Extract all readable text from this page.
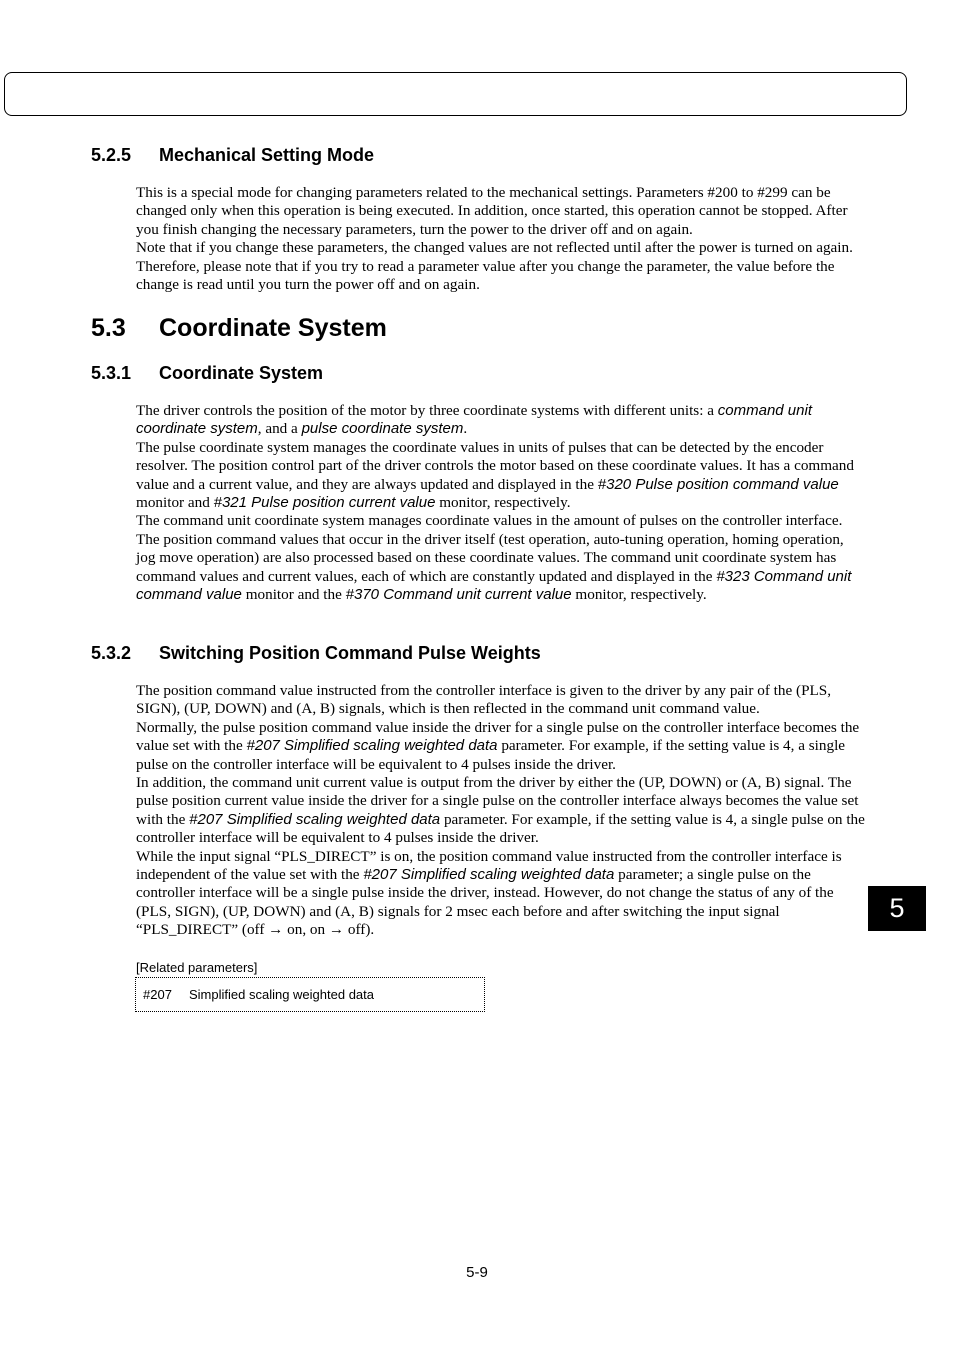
5.2.5 Mechanical Setting Mode

This is a special mode for changing parameters related to the mechanical settings. Parameters #200 to #299 can be changed only when this operation is being executed. In addition, once started, this operation cannot be stopped. After you finish changing the necessary parameters, turn the power to the driver off and on again.

Note that if you change these parameters, the changed values are not reflected until after the power is turned on again. Therefore, please note that if you try to read a parameter value after you change the parameter, the value before the change is read until you turn the power off and on again.

5.3 Coordinate System
5.3.1 Coordinate System

The driver controls the position of the motor by three coordinate systems with different units: a command unit coordinate system, and a pulse coordinate system.

The pulse coordinate system manages the coordinate values in units of pulses that can be detected by the encoder resolver. The position control part of the driver controls the motor based on these coordinate values. It has a command value and a current value, and they are always updated and displayed in the #320 Pulse position command value monitor and #321 Pulse position current value monitor, respectively.

The command unit coordinate system manages coordinate values in the amount of pulses on the controller interface. The position command values that occur in the driver itself (test operation, auto-tuning operation, homing operation, jog move operation) are also processed based on these coordinate values. The command unit coordinate system has command values and current values, each of which are constantly updated and displayed in the #323 Command unit command value monitor and the #370 Command unit current value monitor, respectively.

5.3.2 Switching Position Command Pulse Weights

The position command value instructed from the controller interface is given to the driver by any pair of the (PLS, SIGN), (UP, DOWN) and (A, B) signals, which is then reflected in the command unit command value.

Normally, the pulse position command value inside the driver for a single pulse on the controller interface becomes the value set with the #207 Simplified scaling weighted data parameter. For example, if the setting value is 4, a single pulse on the controller interface will be equivalent to 4 pulses inside the driver.

In addition, the command unit current value is output from the driver by either the (UP, DOWN) or (A, B) signal. The pulse position current value inside the driver for a single pulse on the controller interface always becomes the value set with the #207 Simplified scaling weighted data parameter. For example, if the setting value is 4, a single pulse on the controller interface will be equivalent to 4 pulses inside the driver.

While the input signal “PLS_DIRECT” is on, the position command value instructed from the controller interface is independent of the value set with the #207 Simplified scaling weighted data parameter; a single pulse on the controller interface will be a single pulse inside the driver, instead. However, do not change the status of any of the (PLS, SIGN), (UP, DOWN) and (A, B) signals for 2 msec each before and after switching the input signal “PLS_DIRECT” (off → on, on → off).

[Related parameters]
#207 Simplified scaling weighted data
5
5-9
